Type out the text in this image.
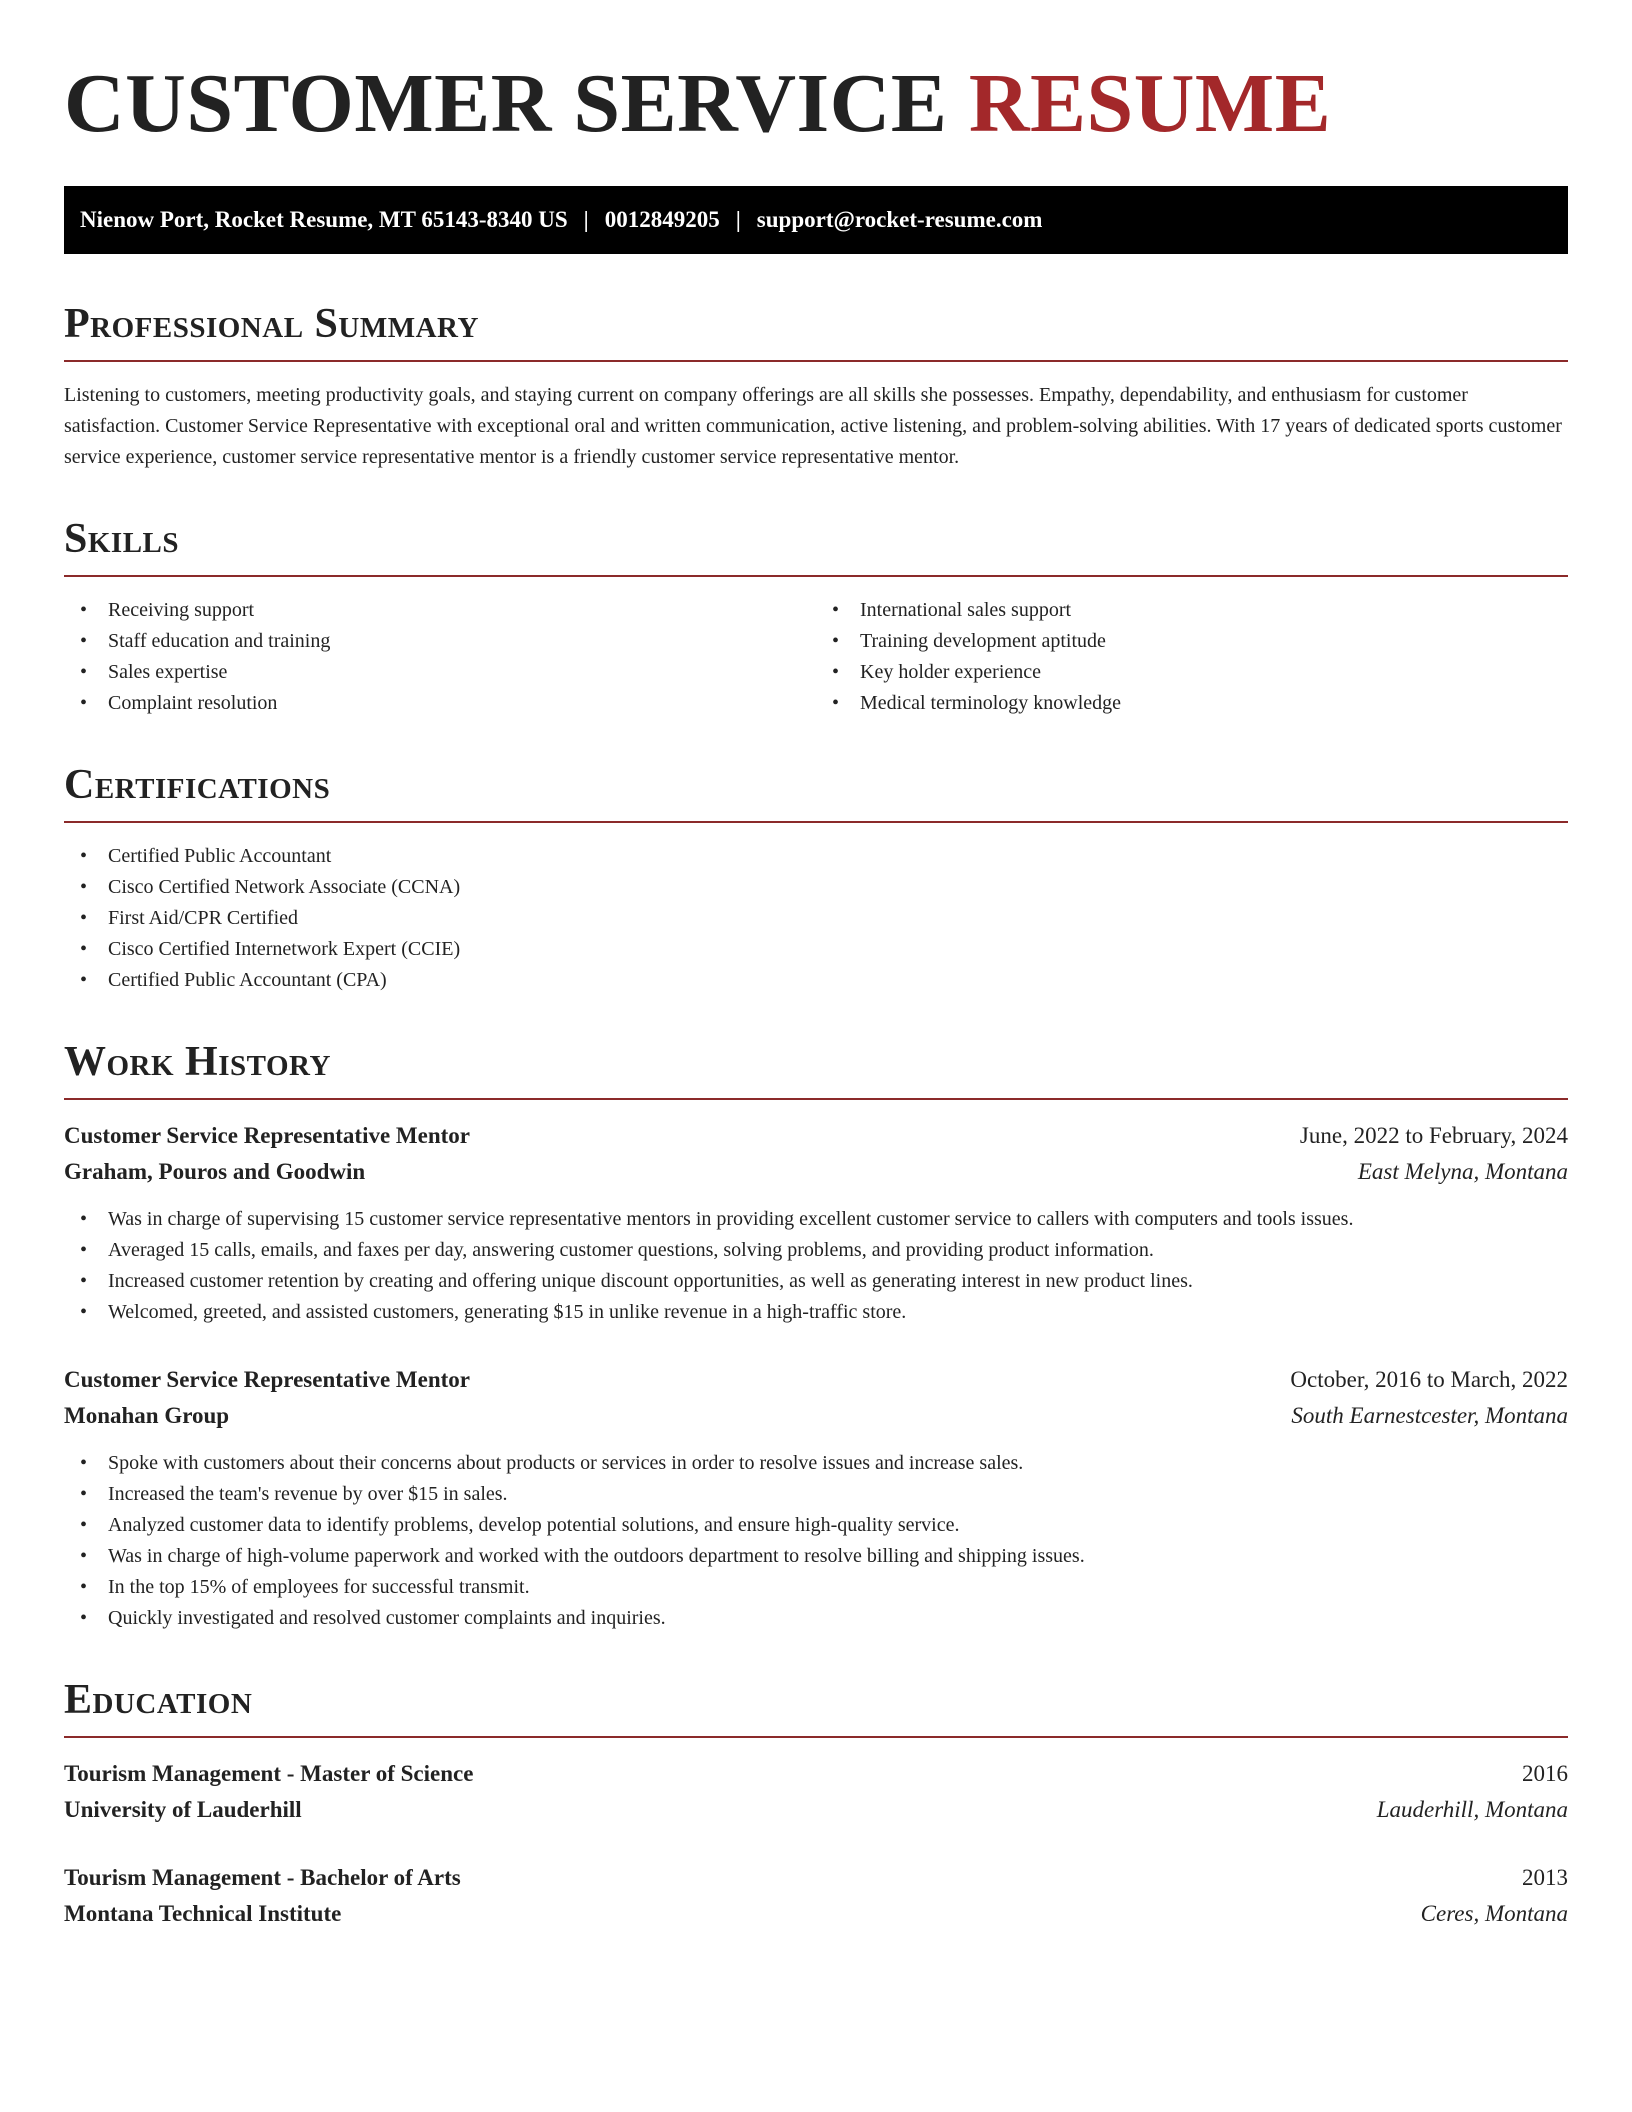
CUSTOMER SERVICE RESUME
Nienow Port, Rocket Resume, MT 65143-8340 US | 0012849205 | support@rocket-resume.com
Professional Summary

Listening to customers, meeting productivity goals, and staying current on company offerings are all skills she possesses. Empathy, dependability, and enthusiasm for customer satisfaction. Customer Service Representative with exceptional oral and written communication, active listening, and problem-solving abilities. With 17 years of dedicated sports customer service experience, customer service representative mentor is a friendly customer service representative mentor.

Skills
• Receiving support
• Staff education and training
• Sales expertise
• Complaint resolution
• International sales support
• Training development aptitude
• Key holder experience
• Medical terminology knowledge
Certifications
• Certified Public Accountant
• Cisco Certified Network Associate (CCNA)
• First Aid/CPR Certified
• Cisco Certified Internetwork Expert (CCIE)
• Certified Public Accountant (CPA)
Work History
Customer Service Representative Mentor	June, 2022 to February, 2024
Graham, Pouros and Goodwin	East Melyna, Montana
• Was in charge of supervising 15 customer service representative mentors in providing excellent customer service to callers with computers and tools issues.
• Averaged 15 calls, emails, and faxes per day, answering customer questions, solving problems, and providing product information.
• Increased customer retention by creating and offering unique discount opportunities, as well as generating interest in new product lines.
• Welcomed, greeted, and assisted customers, generating $15 in unlike revenue in a high-traffic store.
Customer Service Representative Mentor	October, 2016 to March, 2022
Monahan Group	South Earnestcester, Montana
• Spoke with customers about their concerns about products or services in order to resolve issues and increase sales.
• Increased the team's revenue by over $15 in sales.
• Analyzed customer data to identify problems, develop potential solutions, and ensure high-quality service.
• Was in charge of high-volume paperwork and worked with the outdoors department to resolve billing and shipping issues.
• In the top 15% of employees for successful transmit.
• Quickly investigated and resolved customer complaints and inquiries.
Education
Tourism Management - Master of Science	2016
University of Lauderhill	Lauderhill, Montana
Tourism Management - Bachelor of Arts	2013
Montana Technical Institute	Ceres, Montana
